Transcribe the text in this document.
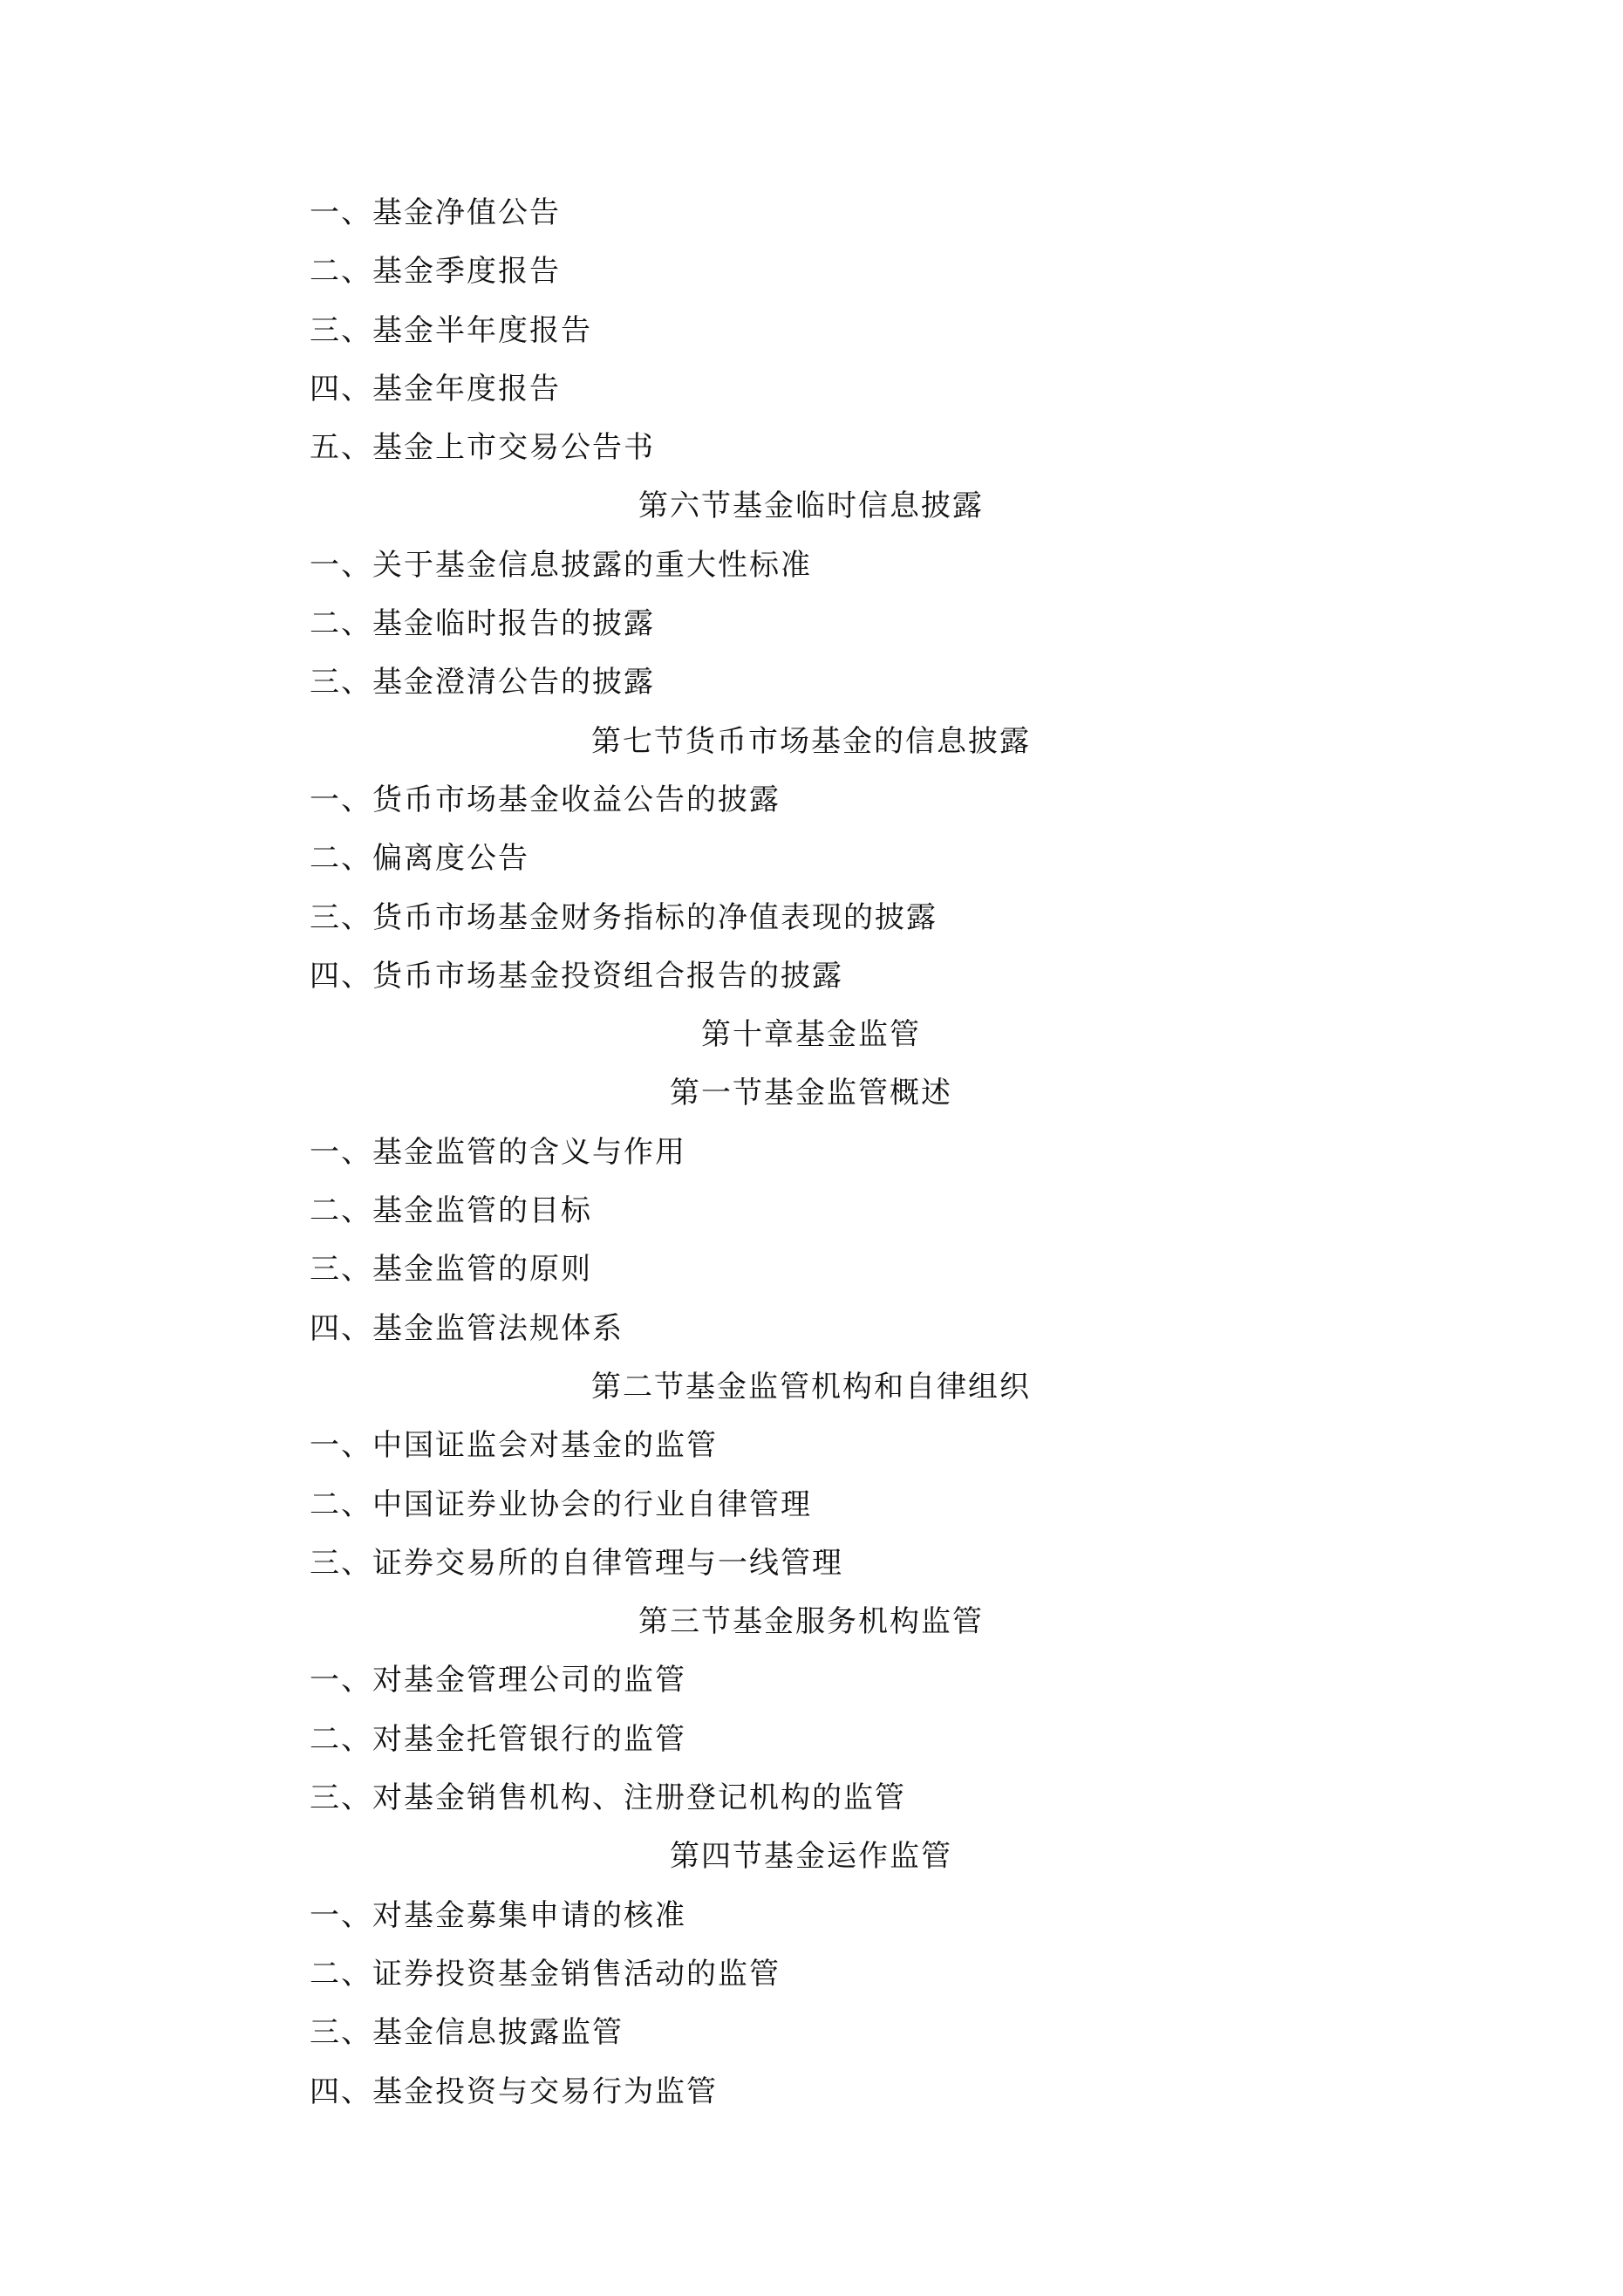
一、基金净值公告
二、基金季度报告
三、基金半年度报告
四、基金年度报告
五、基金上市交易公告书
第六节基金临时信息披露
一、关于基金信息披露的重大性标准
二、基金临时报告的披露
三、基金澄清公告的披露
第七节货币市场基金的信息披露
一、货币市场基金收益公告的披露
二、偏离度公告
三、货币市场基金财务指标的净值表现的披露
四、货币市场基金投资组合报告的披露
第十章基金监管
第一节基金监管概述
一、基金监管的含义与作用
二、基金监管的目标
三、基金监管的原则
四、基金监管法规体系
第二节基金监管机构和自律组织
一、中国证监会对基金的监管
二、中国证券业协会的行业自律管理
三、证券交易所的自律管理与一线管理
第三节基金服务机构监管
一、对基金管理公司的监管
二、对基金托管银行的监管
三、对基金销售机构、注册登记机构的监管
第四节基金运作监管
一、对基金募集申请的核准
二、证券投资基金销售活动的监管
三、基金信息披露监管
四、基金投资与交易行为监管
